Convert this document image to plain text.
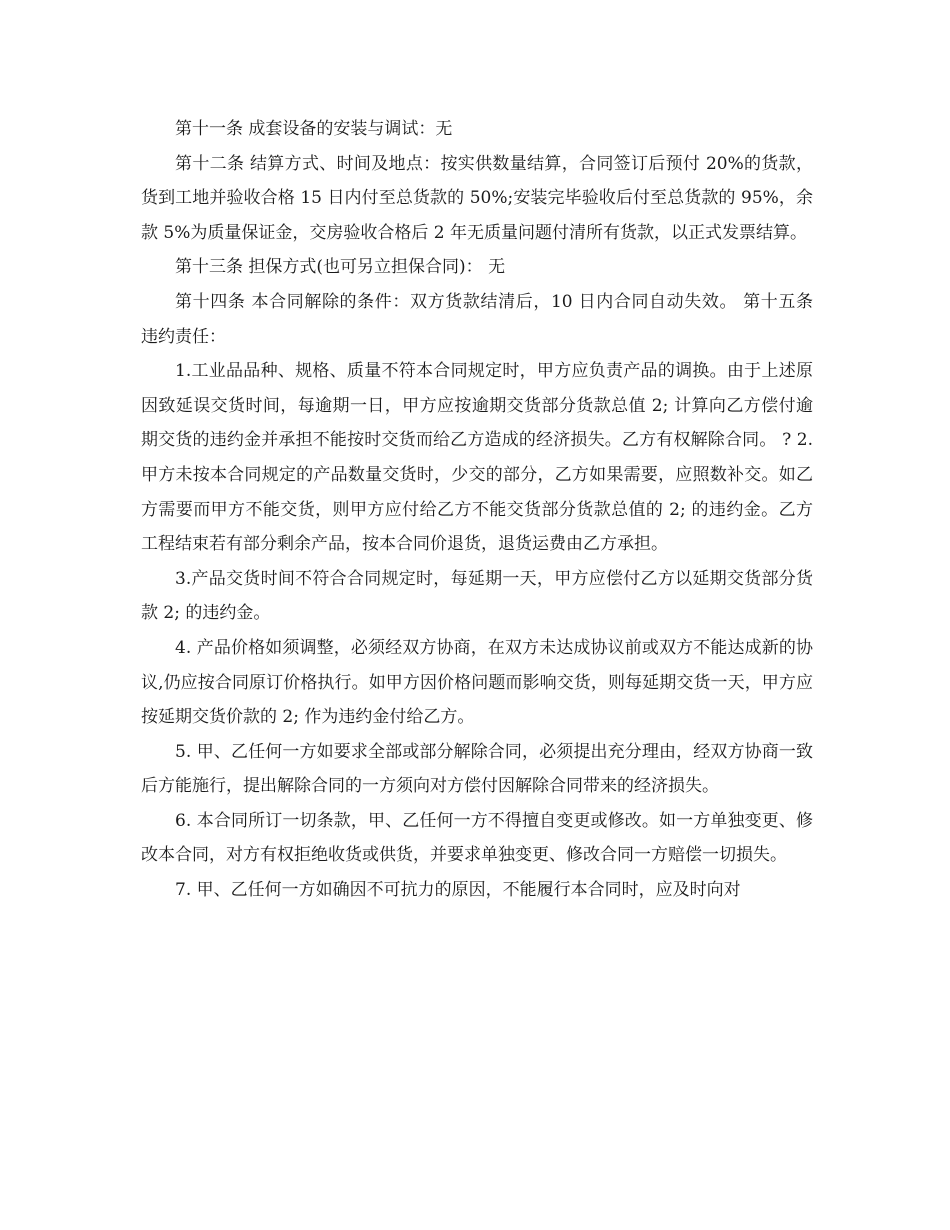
第十一条 成套设备的安装与调试：无

第十二条 结算方式、时间及地点：按实供数量结算，合同签订后预付 20%的货款，货到工地并验收合格 15 日内付至总货款的 50%;安装完毕验收后付至总货款的 95%，余款 5%为质量保证金，交房验收合格后 2 年无质量问题付清所有货款，以正式发票结算。

第十三条 担保方式(也可另立担保合同)： 无

第十四条 本合同解除的条件：双方货款结清后，10 日内合同自动失效。 第十五条 违约责任：

1.工业品品种、规格、质量不符本合同规定时，甲方应负责产品的调换。由于上述原因致延误交货时间，每逾期一日，甲方应按逾期交货部分货款总值 2; 计算向乙方偿付逾期交货的违约金并承担不能按时交货而给乙方造成的经济损失。乙方有权解除合同。 ? 2.甲方未按本合同规定的产品数量交货时，少交的部分，乙方如果需要，应照数补交。如乙方需要而甲方不能交货，则甲方应付给乙方不能交货部分货款总值的 2; 的违约金。乙方工程结束若有部分剩余产品，按本合同价退货，退货运费由乙方承担。

3.产品交货时间不符合合同规定时，每延期一天，甲方应偿付乙方以延期交货部分货款 2; 的违约金。

4. 产品价格如须调整，必须经双方协商，在双方未达成协议前或双方不能达成新的协议,仍应按合同原订价格执行。如甲方因价格问题而影响交货，则每延期交货一天，甲方应按延期交货价款的 2; 作为违约金付给乙方。

5. 甲、乙任何一方如要求全部或部分解除合同，必须提出充分理由，经双方协商一致后方能施行，提出解除合同的一方须向对方偿付因解除合同带来的经济损失。

6. 本合同所订一切条款，甲、乙任何一方不得擅自变更或修改。如一方单独变更、修改本合同，对方有权拒绝收货或供货，并要求单独变更、修改合同一方赔偿一切损失。

7. 甲、乙任何一方如确因不可抗力的原因，不能履行本合同时，应及时向对
